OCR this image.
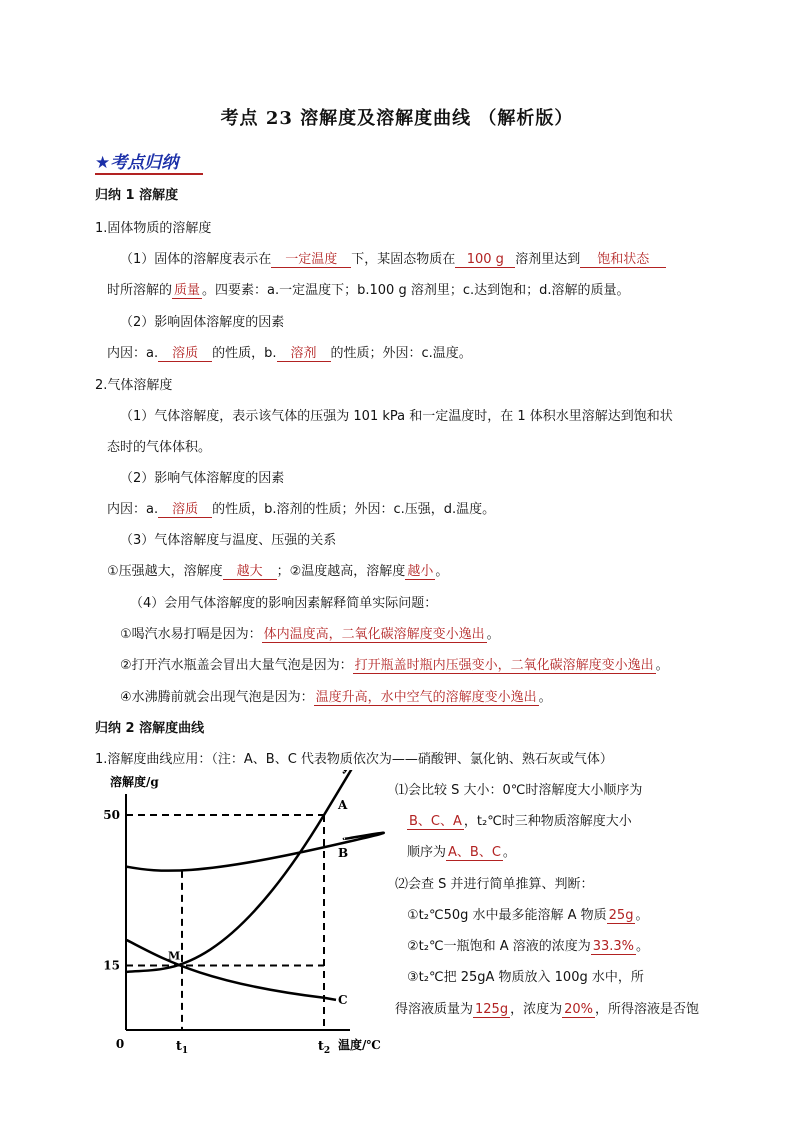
考点 23 溶解度及溶解度曲线 （解析版）
★考点归纳
归纳 1 溶解度
1.固体物质的溶解度
（1）固体的溶解度表示在 一定温度 下，某固态物质在 100 g 溶剂里达到 饱和状态
时所溶解的 质量 。四要素：a.一定温度下；b.100 g 溶剂里；c.达到饱和；d.溶解的质量。
（2）影响固体溶解度的因素
内因：a. 溶质 的性质，b. 溶剂 的性质；外因：c.温度。
2.气体溶解度
（1）气体溶解度，表示该气体的压强为 101 kPa 和一定温度时，在 1 体积水里溶解达到饱和状
态时的气体体积。
（2）影响气体溶解度的因素
内因：a. 溶质 的性质，b.溶剂的性质；外因：c.压强，d.温度。
（3）气体溶解度与温度、压强的关系
①压强越大，溶解度 越大 ；②温度越高，溶解度 越小 。
（4）会用气体溶解度的影响因素解释简单实际问题：
①喝汽水易打嗝是因为： 体内温度高，二氧化碳溶解度变小逸出 。
②打开汽水瓶盖会冒出大量气泡是因为： 打开瓶盖时瓶内压强变小，二氧化碳溶解度变小逸出 。
④水沸腾前就会出现气泡是因为： 温度升高，水中空气的溶解度变小逸出 。
归纳 2 溶解度曲线
1.溶解度曲线应用：（注：A、B、C 代表物质依次为——硝酸钾、氯化钠、熟石灰或气体）
溶解度/g
温度/℃
0
50
15
$t_1$	$t_2$
A
B
C
M
⑴会比较 S 大小：0℃时溶解度大小顺序为
B、C、A ，t₂℃时三种物质溶解度大小
顺序为 A、B、C 。
⑵会查 S 并进行简单推算、判断：
①t₂℃50g 水中最多能溶解 A 物质 25g 。
②t₂℃一瓶饱和 A 溶液的浓度为 33.3% 。
③t₂℃把 25gA 物质放入 100g 水中，所
得溶液质量为 125g ，浓度为 20% ，所得溶液是否饱
